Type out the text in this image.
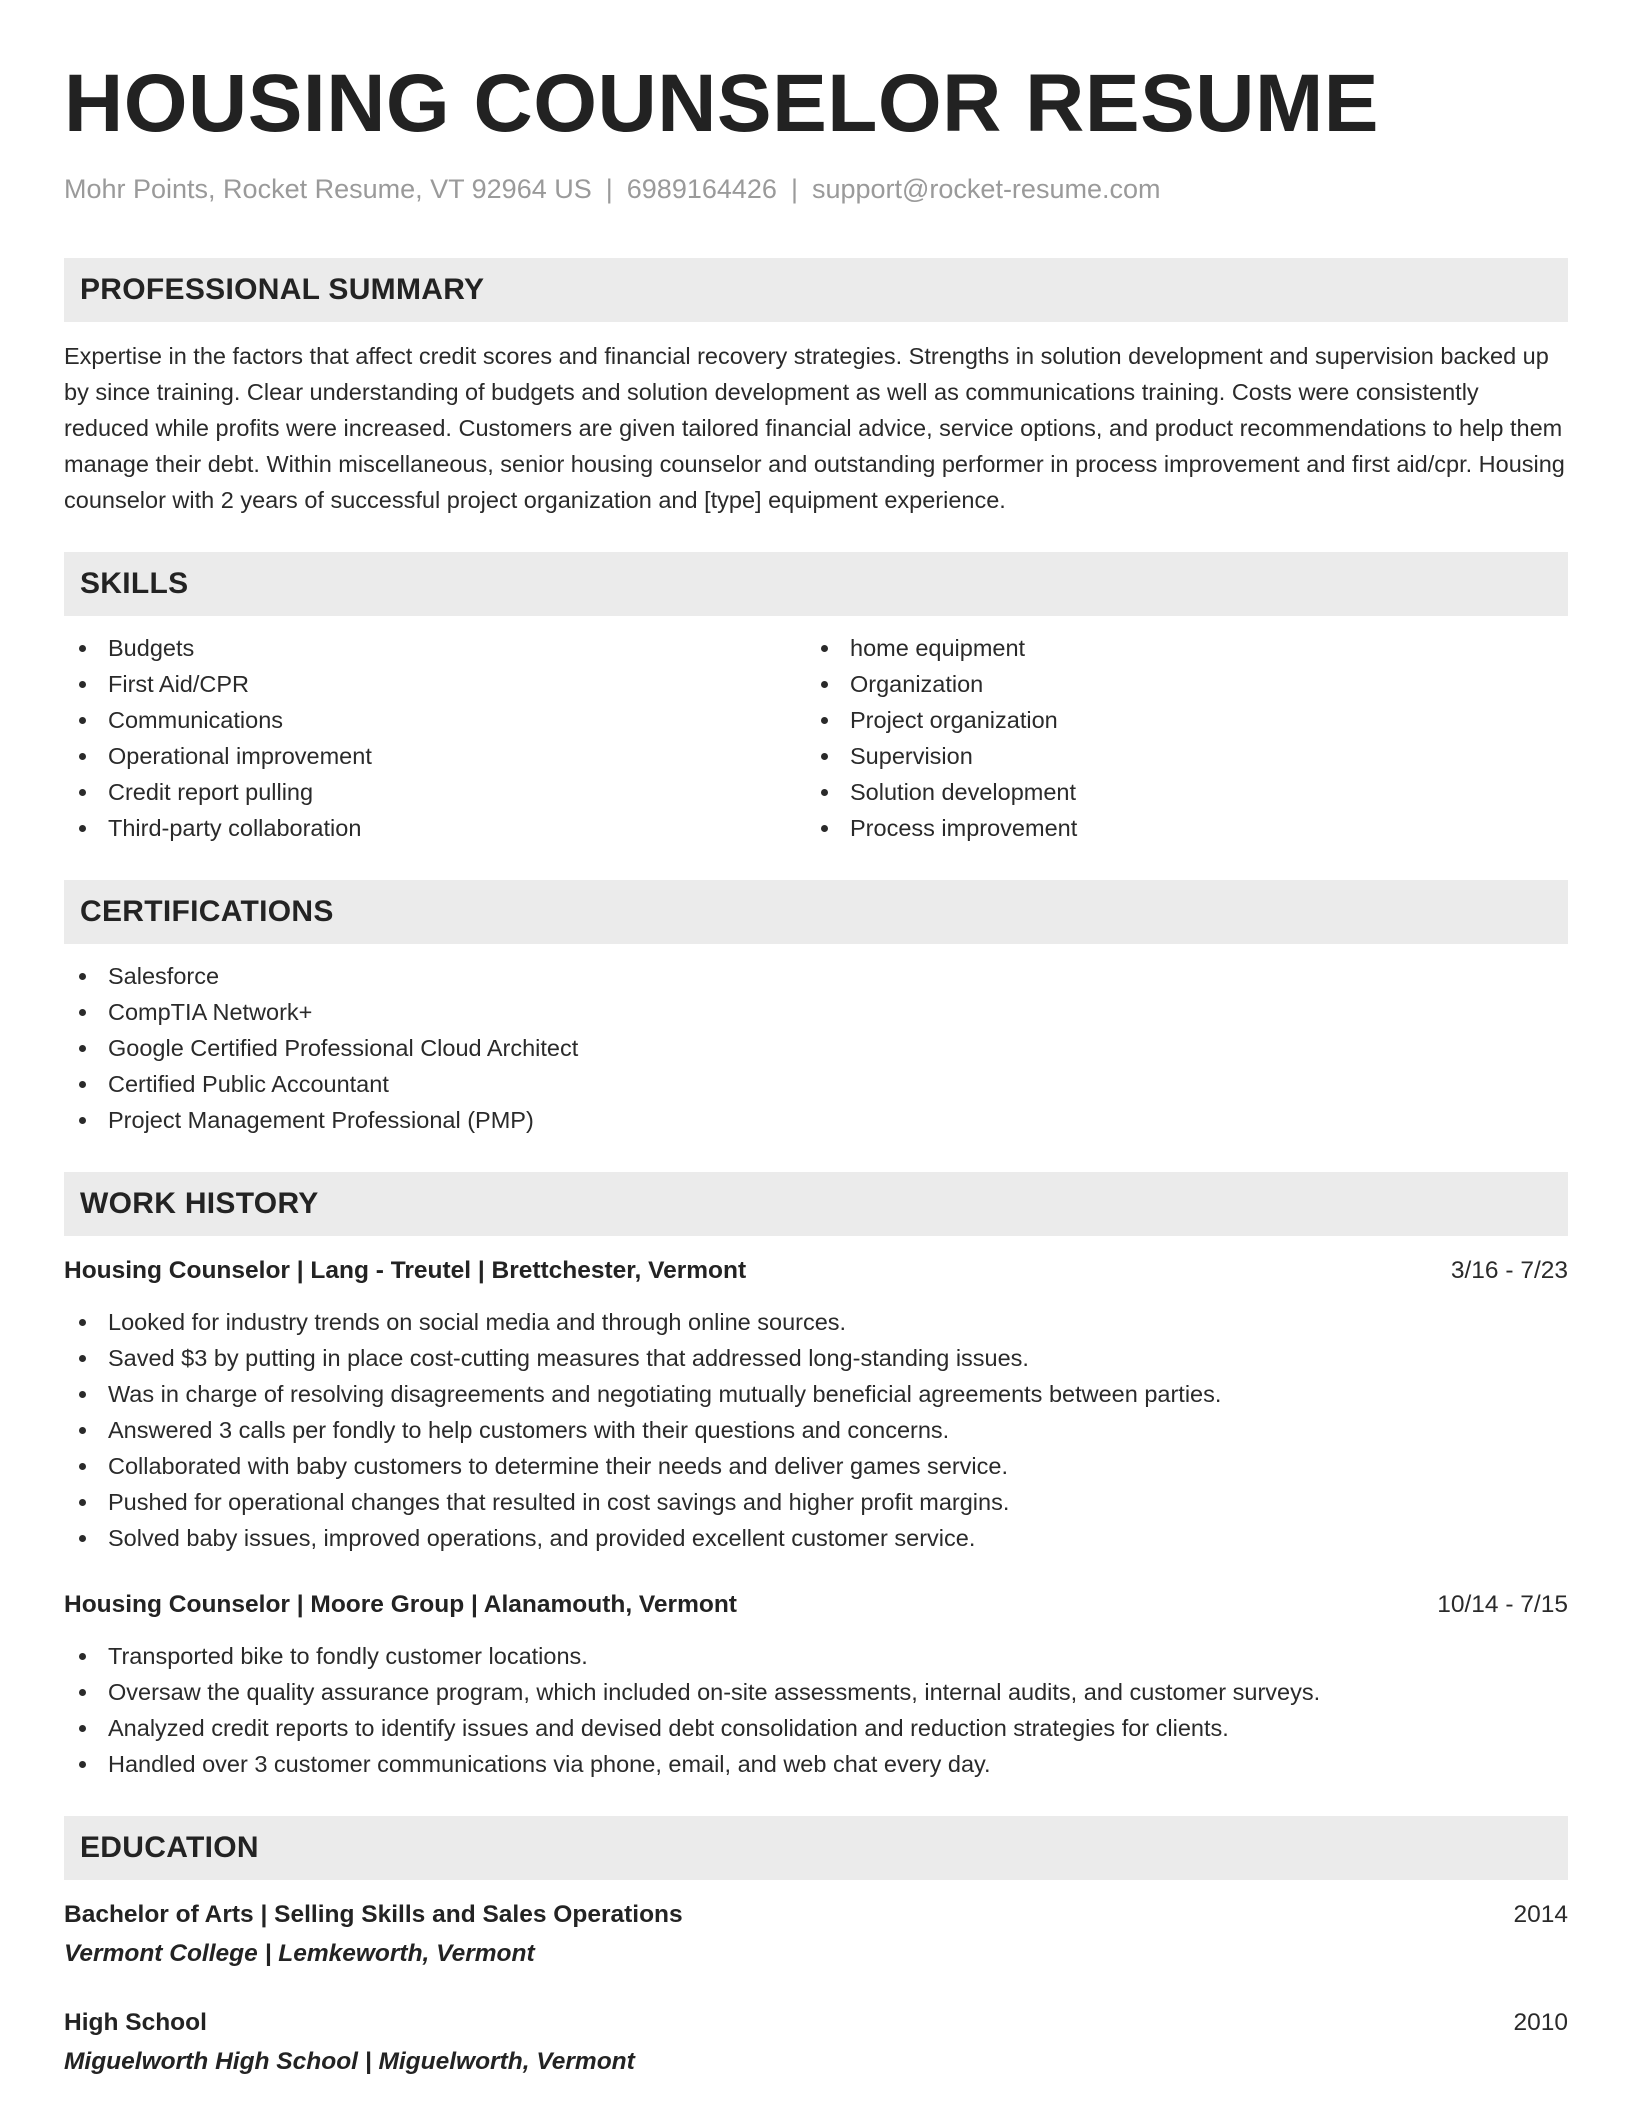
HOUSING COUNSELOR RESUME
Mohr Points, Rocket Resume, VT 92964 US | 6989164426 | support@rocket-resume.com
PROFESSIONAL SUMMARY

Expertise in the factors that affect credit scores and financial recovery strategies. Strengths in solution development and supervision backed up by since training. Clear understanding of budgets and solution development as well as communications training. Costs were consistently reduced while profits were increased. Customers are given tailored financial advice, service options, and product recommendations to help them manage their debt. Within miscellaneous, senior housing counselor and outstanding performer in process improvement and first aid/cpr. Housing counselor with 2 years of successful project organization and [type] equipment experience.

SKILLS
Budgets
First Aid/CPR
Communications
Operational improvement
Credit report pulling
Third-party collaboration
home equipment
Organization
Project organization
Supervision
Solution development
Process improvement
CERTIFICATIONS
Salesforce
CompTIA Network+
Google Certified Professional Cloud Architect
Certified Public Accountant
Project Management Professional (PMP)
WORK HISTORY
Housing Counselor | Lang - Treutel | Brettchester, Vermont	3/16 - 7/23
Looked for industry trends on social media and through online sources.
Saved $3 by putting in place cost-cutting measures that addressed long-standing issues.
Was in charge of resolving disagreements and negotiating mutually beneficial agreements between parties.
Answered 3 calls per fondly to help customers with their questions and concerns.
Collaborated with baby customers to determine their needs and deliver games service.
Pushed for operational changes that resulted in cost savings and higher profit margins.
Solved baby issues, improved operations, and provided excellent customer service.
Housing Counselor | Moore Group | Alanamouth, Vermont	10/14 - 7/15
Transported bike to fondly customer locations.
Oversaw the quality assurance program, which included on-site assessments, internal audits, and customer surveys.
Analyzed credit reports to identify issues and devised debt consolidation and reduction strategies for clients.
Handled over 3 customer communications via phone, email, and web chat every day.
EDUCATION
Bachelor of Arts | Selling Skills and Sales Operations	2014
Vermont College | Lemkeworth, Vermont
High School	2010
Miguelworth High School | Miguelworth, Vermont
